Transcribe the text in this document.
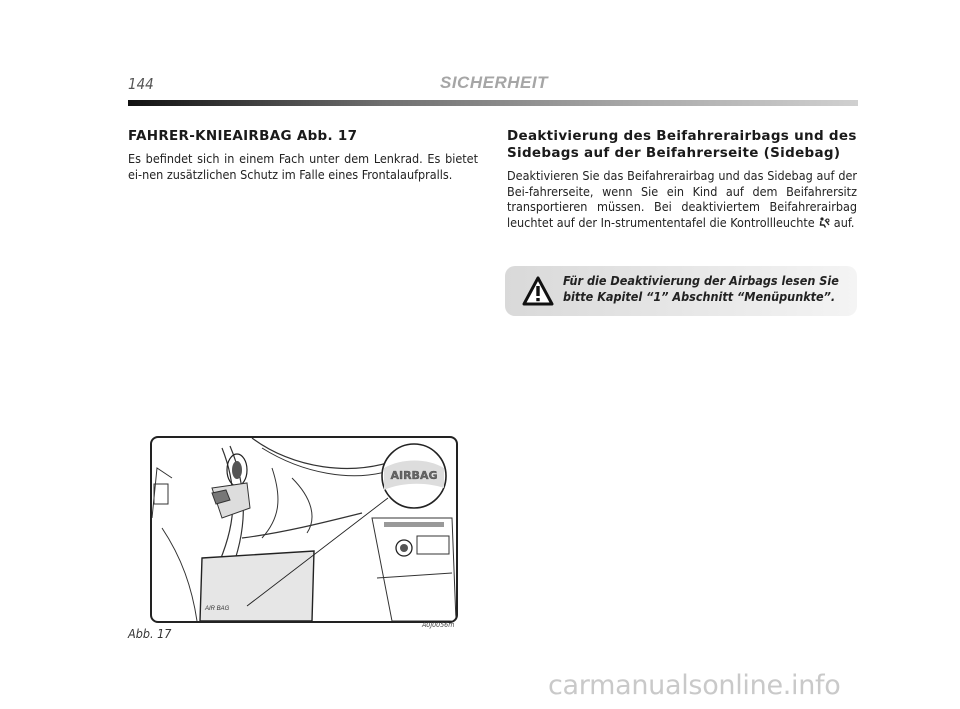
144	SICHERHEIT
FAHRER-KNIEAIRBAG Abb. 17
Es befindet sich in einem Fach unter dem Lenkrad. Es bietet ei-nen zusätzlichen Schutz im Falle eines Frontalaufpralls.
Deaktivierung des Beifahrerairbags und des Sidebags auf der Beifahrerseite (Sidebag)
Deaktivieren Sie das Beifahrerairbag und das Sidebag auf der Bei-fahrerseite, wenn Sie ein Kind auf dem Beifahrersitz transportieren müssen. Bei deaktiviertem Beifahrerairbag leuchtet auf der In-strumententafel die Kontrollleuchte  auf.
Für die Deaktivierung der Airbags lesen Sie bitte Kapitel “1” Abschnitt “Menüpunkte”.
AIR BAG
AIRBAG
Abb. 17
A0J0056m
carmanualsonline.info
